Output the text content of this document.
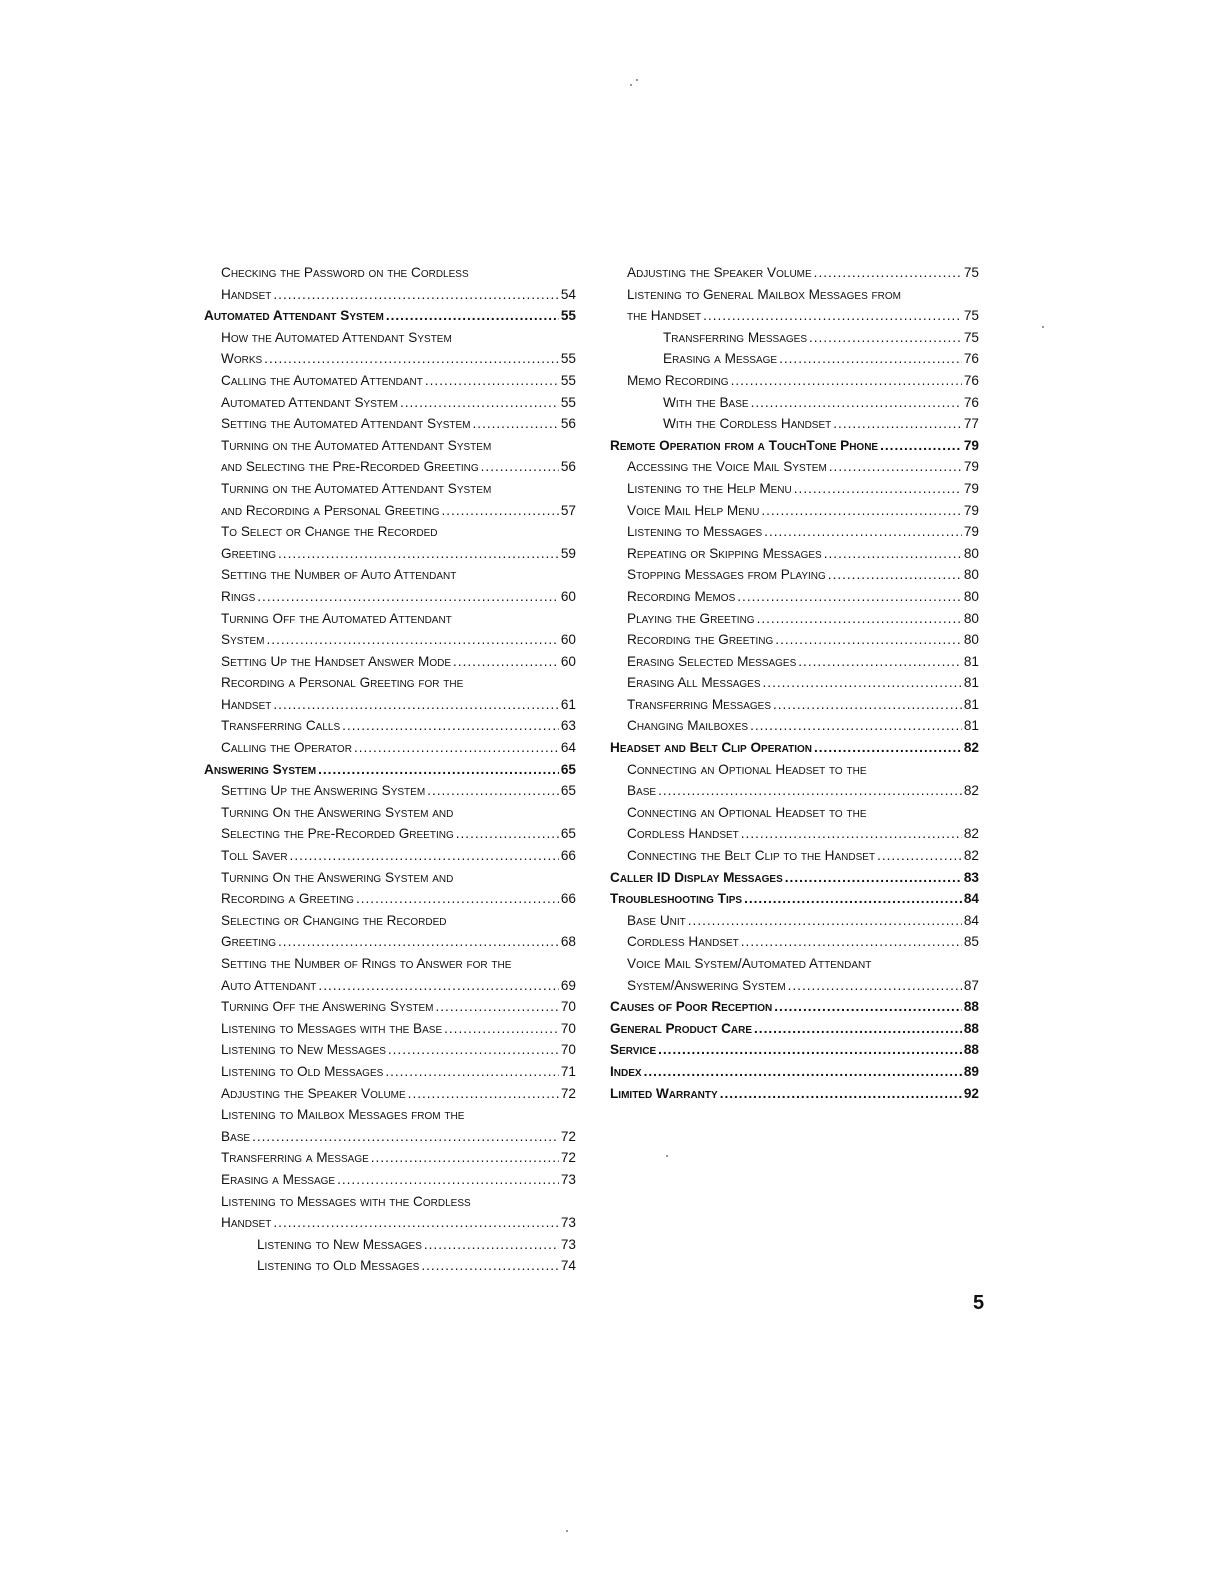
Checking the Password on the Cordless
Handset .....	54
Automated Attendant System .....	55
How the Automated Attendant System
Works .....	55
Calling the Automated Attendant .....	55
Automated Attendant System .....	55
Setting the Automated Attendant System .....	56
Turning on the Automated Attendant System
and Selecting the Pre-Recorded Greeting .....	56
Turning on the Automated Attendant System
and Recording a Personal Greeting .....	57
To Select or Change the Recorded
Greeting .....	59
Setting the Number of Auto Attendant
Rings .....	60
Turning Off the Automated Attendant
System .....	60
Setting Up the Handset Answer Mode .....	60
Recording a Personal Greeting for the
Handset .....	61
Transferring Calls .....	63
Calling the Operator .....	64
Answering System .....	65
Setting Up the Answering System .....	65
Turning On the Answering System and
Selecting the Pre-Recorded Greeting .....	65
Toll Saver .....	66
Turning On the Answering System and
Recording a Greeting .....	66
Selecting or Changing the Recorded
Greeting .....	68
Setting the Number of Rings to Answer for the
Auto Attendant .....	69
Turning Off the Answering System .....	70
Listening to Messages with the Base .....	70
Listening to New Messages .....	70
Listening to Old Messages .....	71
Adjusting the Speaker Volume .....	72
Listening to Mailbox Messages from the
Base .....	72
Transferring a Message .....	72
Erasing a Message .....	73
Listening to Messages with the Cordless
Handset .....	73
Listening to New Messages .....	73
Listening to Old Messages .....	74
Adjusting the Speaker Volume .....	75
Listening to General Mailbox Messages from
the Handset .....	75
Transferring Messages .....	75
Erasing a Message .....	76
Memo Recording .....	76
With the Base .....	76
With the Cordless Handset .....	77
Remote Operation from a TouchTone Phone .....	79
Accessing the Voice Mail System .....	79
Listening to the Help Menu .....	79
Voice Mail Help Menu .....	79
Listening to Messages .....	79
Repeating or Skipping Messages .....	80
Stopping Messages from Playing .....	80
Recording Memos .....	80
Playing the Greeting .....	80
Recording the Greeting .....	80
Erasing Selected Messages .....	81
Erasing All Messages .....	81
Transferring Messages .....	81
Changing Mailboxes .....	81
Headset and Belt Clip Operation .....	82
Connecting an Optional Headset to the
Base .....	82
Connecting an Optional Headset to the
Cordless Handset .....	82
Connecting the Belt Clip to the Handset .....	82
Caller ID Display Messages .....	83
Troubleshooting Tips .....	84
Base Unit .....	84
Cordless Handset .....	85
Voice Mail System/Automated Attendant
System/Answering System .....	87
Causes of Poor Reception .....	88
General Product Care .....	88
Service .....	88
Index .....	89
Limited Warranty .....	92
5
